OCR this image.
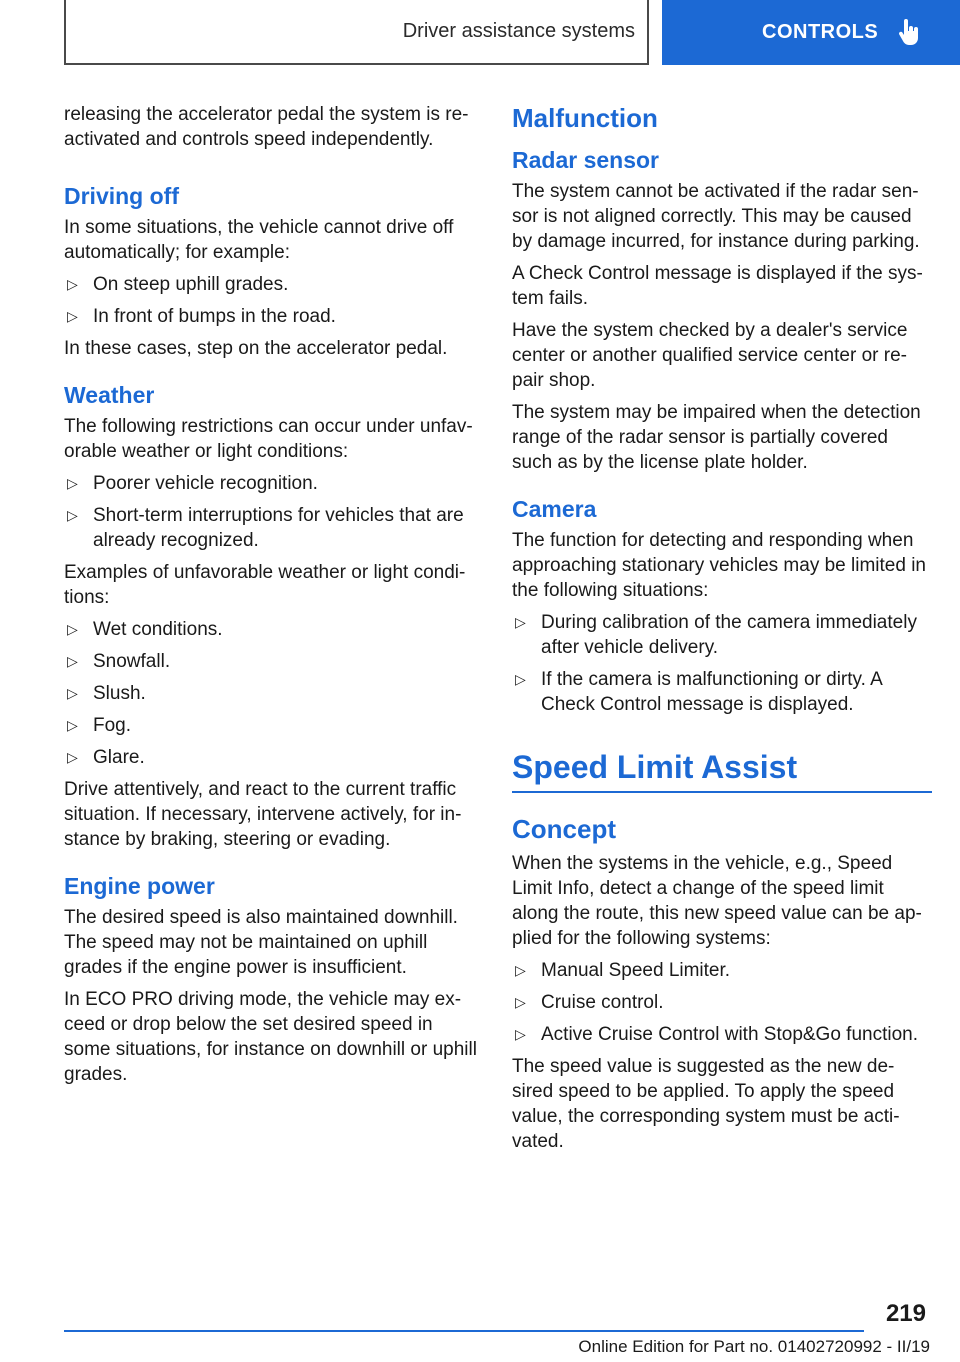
Driver assistance systems	CONTROLS

releasing the accelerator pedal the system is re-activated and controls speed independently.

Driving off

In some situations, the vehicle cannot drive off automatically; for example:

▷ On steep uphill grades.
▷ In front of bumps in the road.

In these cases, step on the accelerator pedal.

Weather

The following restrictions can occur under unfav-orable weather or light conditions:

▷ Poorer vehicle recognition.
▷ Short-term interruptions for vehicles that are already recognized.

Examples of unfavorable weather or light condi-tions:

▷ Wet conditions.
▷ Snowfall.
▷ Slush.
▷ Fog.
▷ Glare.

Drive attentively, and react to the current traffic situation. If necessary, intervene actively, for in-stance by braking, steering or evading.

Engine power

The desired speed is also maintained downhill. The speed may not be maintained on uphill grades if the engine power is insufficient.

In ECO PRO driving mode, the vehicle may ex-ceed or drop below the set desired speed in some situations, for instance on downhill or uphill grades.

Malfunction
Radar sensor

The system cannot be activated if the radar sen-sor is not aligned correctly. This may be caused by damage incurred, for instance during parking.

A Check Control message is displayed if the sys-tem fails.

Have the system checked by a dealer's service center or another qualified service center or re-pair shop.

The system may be impaired when the detection range of the radar sensor is partially covered such as by the license plate holder.

Camera

The function for detecting and responding when approaching stationary vehicles may be limited in the following situations:

▷ During calibration of the camera immediately after vehicle delivery.
▷ If the camera is malfunctioning or dirty. A Check Control message is displayed.
Speed Limit Assist
Concept

When the systems in the vehicle, e.g., Speed Limit Info, detect a change of the speed limit along the route, this new speed value can be ap-plied for the following systems:

▷ Manual Speed Limiter.
▷ Cruise control.
▷ Active Cruise Control with Stop&Go function.

The speed value is suggested as the new de-sired speed to be applied. To apply the speed value, the corresponding system must be acti-vated.

219
Online Edition for Part no. 01402720992 - II/19
